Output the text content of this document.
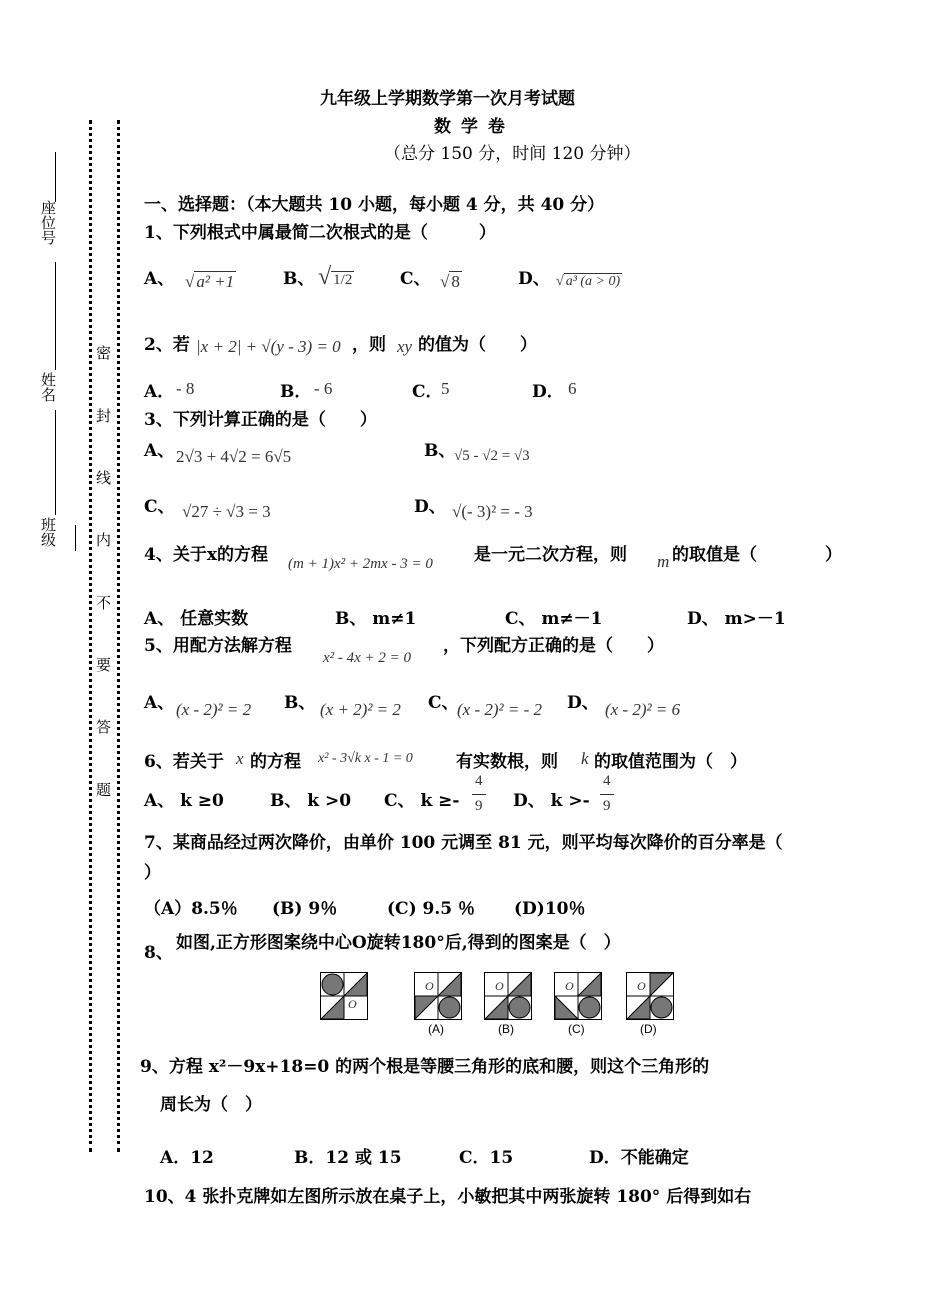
座位号
姓名
班级
密
封
线
内
不
要
答
题
九年级上学期数学第一次月考试题
数 学 卷
（总分 150 分，时间 120 分钟）
一、选择题：（本大题共 10 小题，每小题 4 分，共 40 分）
1、下列根式中属最简二次根式的是（　　　）
A、 √ a² +1	B、 √ 1/2	C、 √ 8	D、 √ a³ (a > 0)
2、若 |x + 2| + √(y - 3) = 0 ，则 xy 的值为（　　）
A． - 8	B． - 6	C．
5	D． 6
3、下列计算正确的是（　　）
A、 2√3 + 4√2 = 6√5	B、
√5 - √2 = √3
C、 √27 ÷ √3 = 3	D、 √(- 3)² = - 3
4、关于x的方程 (m + 1)x² + 2mx - 3 = 0 是一元二次方程，则 m 的取值是（　　　　）
A、 任意实数	B、 m≠1	C、 m≠－1	D、 m>－1
5、用配方法解方程
x² - 4x + 2 = 0
，下列配方正确的是（　　）
A、 (x - 2)² = 2 B、 (x + 2)² = 2 C、
(x - 2)² = - 2 D、 (x - 2)² = 6
6、若关于 x 的方程 x² - 3√k x - 1 = 0	有实数根，则 k 的取值范围为（　）
A、 k ≥0	B、 k >0 C、 k ≥-
4
9 D、 k >-
4
9
7、某商品经过两次降价，由单价 100 元调至 81 元，则平均每次降价的百分率是（
）
（A）8.5％ (B) 9％	(C) 9.5 ％ (D)10％
8、 如图,正方形图案绕中心O旋转180°后,得到的图案是（　）
O
O
(A)
O
(B)
O
(C)
O
(D)
9、方程 x²－9x+18=0 的两个根是等腰三角形的底和腰，则这个三角形的
周长为（　）
A．12	B．12 或 15	C．15	D．不能确定
10、4 张扑克牌如左图所示放在桌子上，小敏把其中两张旋转 180° 后得到如右
